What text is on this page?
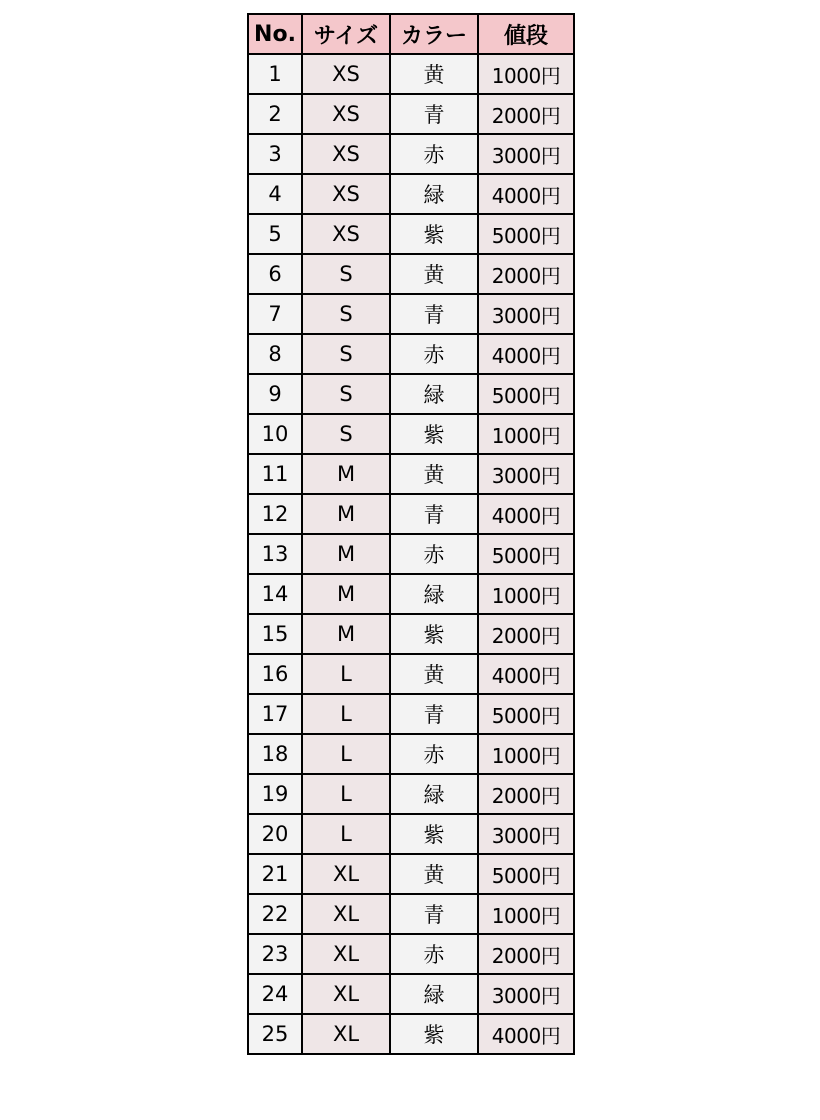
No.	サイズ	カラー	値段
1	XS	黄	1000円
2	XS	青	2000円
3	XS	赤	3000円
4	XS	緑	4000円
5	XS	紫	5000円
6	S	黄	2000円
7	S	青	3000円
8	S	赤	4000円
9	S	緑	5000円
10	S	紫	1000円
11	M	黄	3000円
12	M	青	4000円
13	M	赤	5000円
14	M	緑	1000円
15	M	紫	2000円
16	L	黄	4000円
17	L	青	5000円
18	L	赤	1000円
19	L	緑	2000円
20	L	紫	3000円
21	XL	黄	5000円
22	XL	青	1000円
23	XL	赤	2000円
24	XL	緑	3000円
25	XL	紫	4000円
